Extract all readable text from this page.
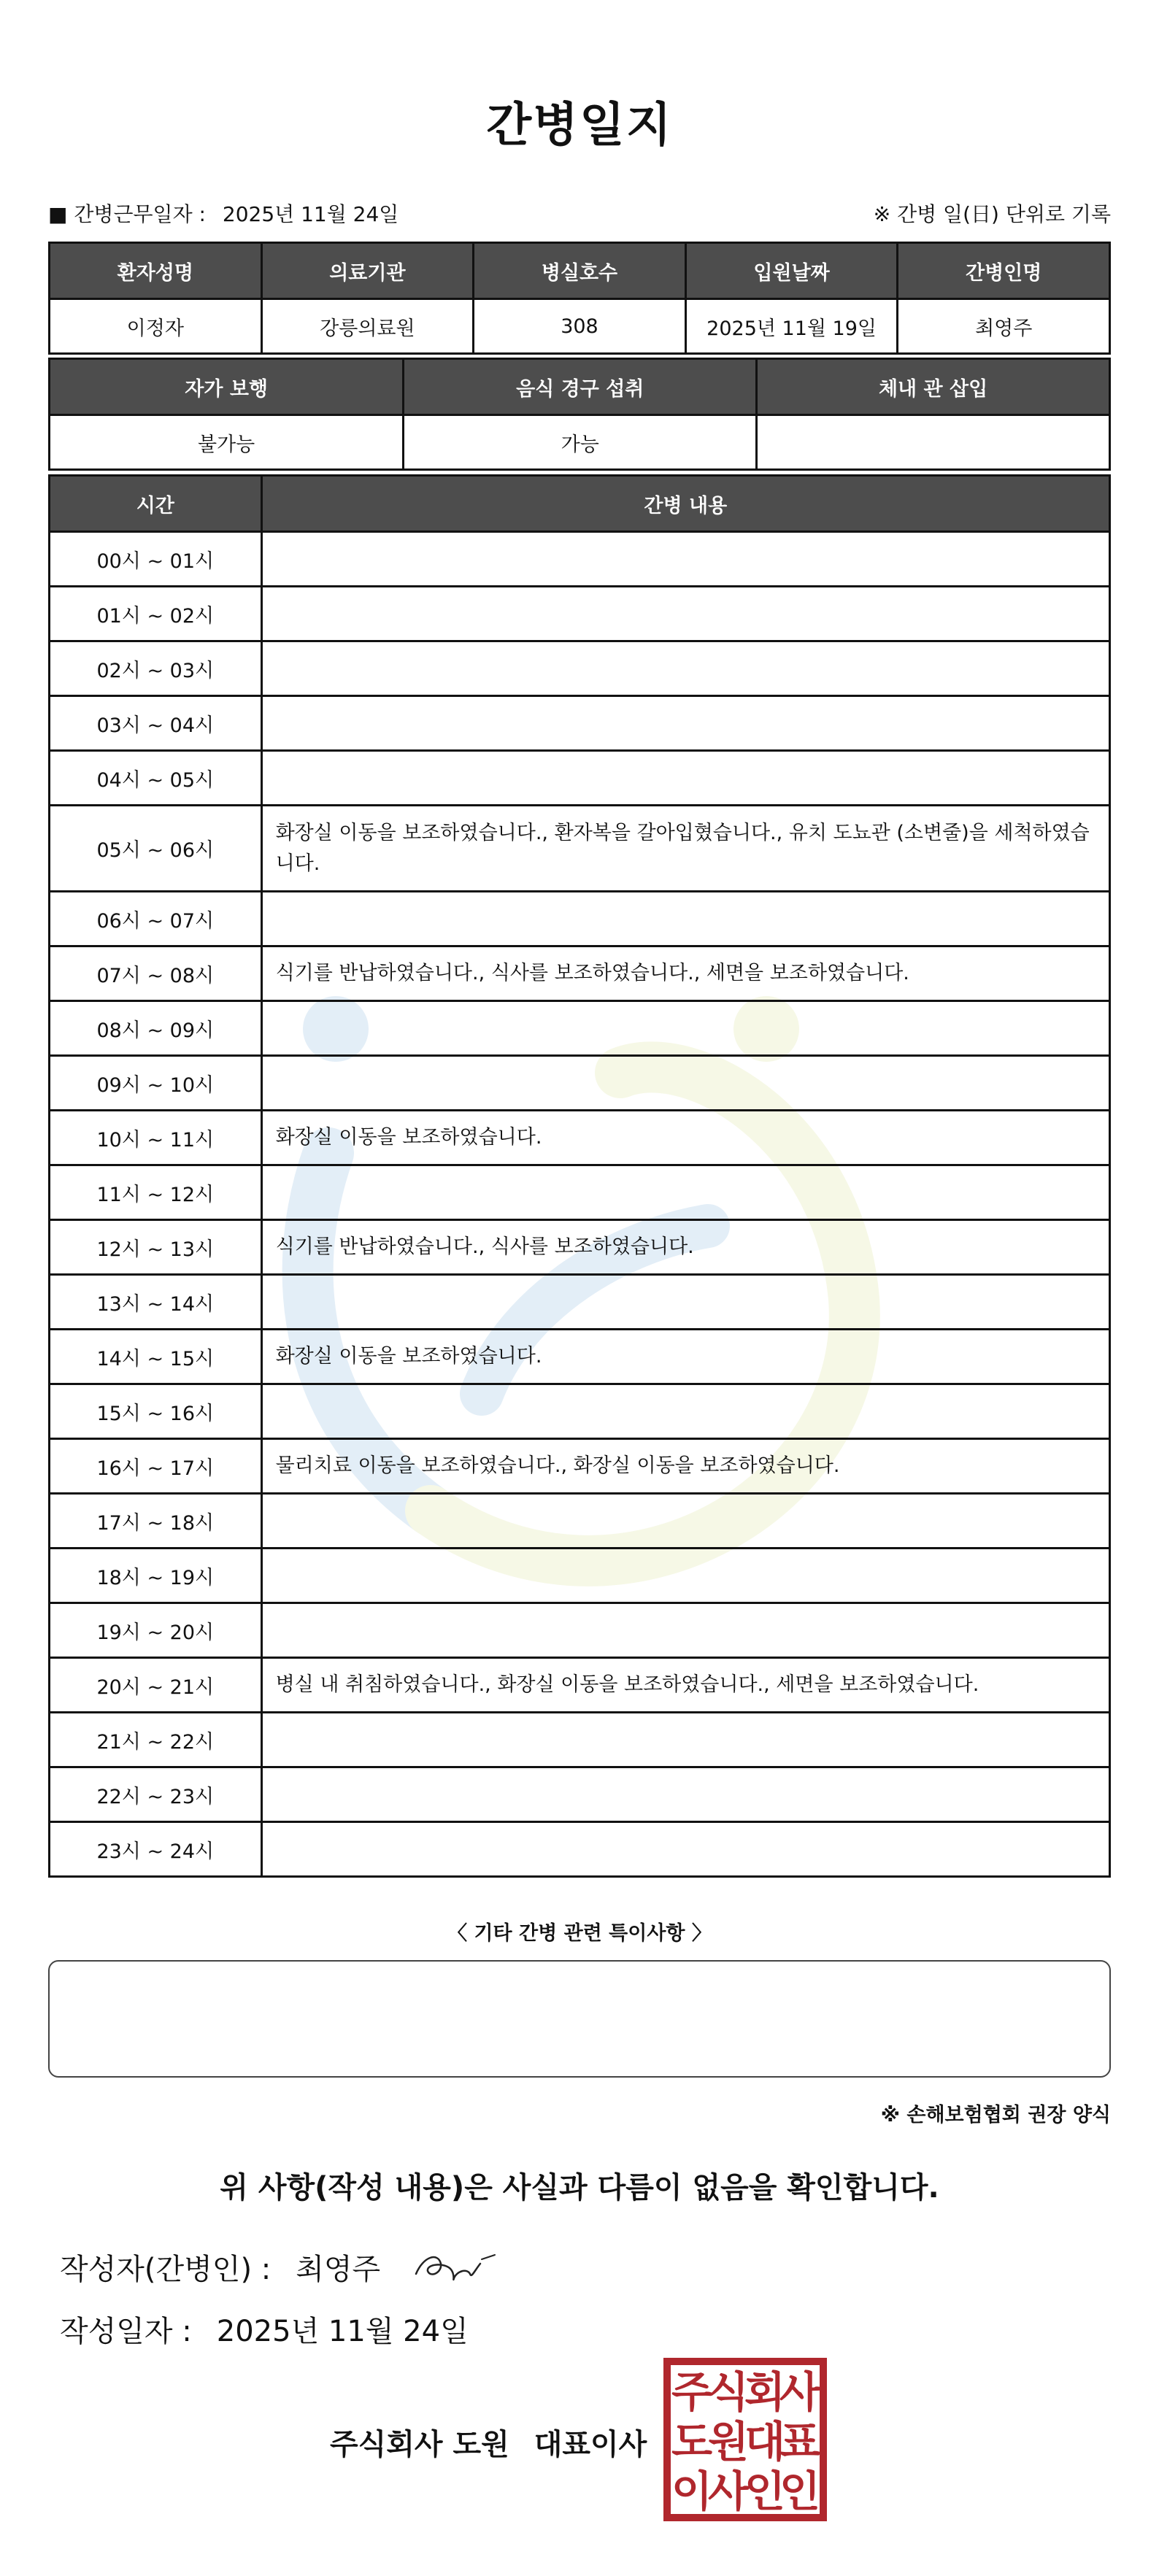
간병일지
■ 간병근무일자 : 2025년 11월 24일	※ 간병 일(日) 단위로 기록
환자성명	의료기관	병실호수	입원날짜	간병인명
이정자	강릉의료원	308	2025년 11월 19일	최영주
자가 보행	음식 경구 섭취	체내 관 삽입
불가능	가능	
시간	간병 내용
00시 ~ 01시	
01시 ~ 02시	
02시 ~ 03시	
03시 ~ 04시	
04시 ~ 05시	
05시 ~ 06시	화장실 이동을 보조하였습니다., 환자복을 갈아입혔습니다., 유치 도뇨관 (소변줄)을 세척하였습니다.
06시 ~ 07시	
07시 ~ 08시	식기를 반납하였습니다., 식사를 보조하였습니다., 세면을 보조하였습니다.
08시 ~ 09시	
09시 ~ 10시	
10시 ~ 11시	화장실 이동을 보조하였습니다.
11시 ~ 12시	
12시 ~ 13시	식기를 반납하였습니다., 식사를 보조하였습니다.
13시 ~ 14시	
14시 ~ 15시	화장실 이동을 보조하였습니다.
15시 ~ 16시	
16시 ~ 17시	물리치료 이동을 보조하였습니다., 화장실 이동을 보조하였습니다.
17시 ~ 18시	
18시 ~ 19시	
19시 ~ 20시	
20시 ~ 21시	병실 내 취침하였습니다., 화장실 이동을 보조하였습니다., 세면을 보조하였습니다.
21시 ~ 22시	
22시 ~ 23시	
23시 ~ 24시	
〈 기타 간병 관련 특이사항 〉
※ 손해보험협회 권장 양식
위 사항(작성 내용)은 사실과 다름이 없음을 확인합니다.
작성자(간병인) : 최영주
작성일자 : 2025년 11월 24일
주식회사 도원 대표이사
주
식
회
사
도
원
대
표
이
사
인
인
